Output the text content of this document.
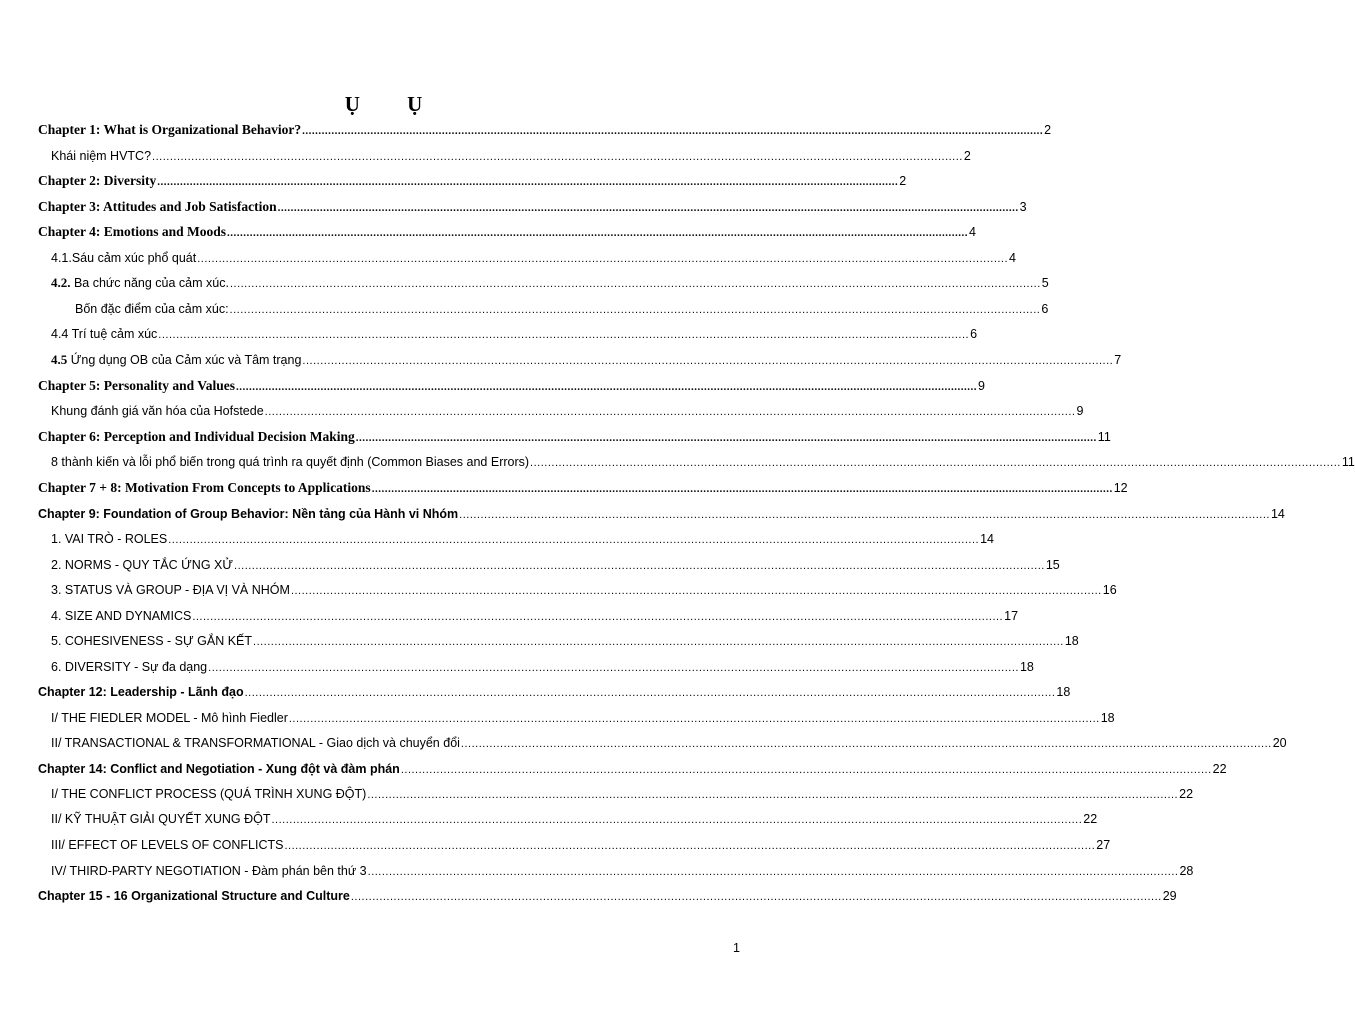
Ụ Ụ
Chapter 1: What is Organizational Behavior? .................................................................................................................................................................................................................................... 2
Khái niệm HVTC? .................................................................................................................................................................................................................................... 2
Chapter 2: Diversity .................................................................................................................................................................................................................................... 2
Chapter 3: Attitudes and Job Satisfaction .................................................................................................................................................................................................................................... 3
Chapter 4: Emotions and Moods .................................................................................................................................................................................................................................... 4
4.1.Sáu cảm xúc phổ quát .................................................................................................................................................................................................................................... 4
4.2. Ba chức năng của cảm xúc. .................................................................................................................................................................................................................................... 5
Bốn đặc điểm của cảm xúc: .................................................................................................................................................................................................................................... 6
4.4 Trí tuệ cảm xúc .................................................................................................................................................................................................................................... 6
4.5 Ứng dụng OB của Cảm xúc và Tâm trạng .................................................................................................................................................................................................................................... 7
Chapter 5: Personality and Values .................................................................................................................................................................................................................................... 9
Khung đánh giá văn hóa của Hofstede .................................................................................................................................................................................................................................... 9
Chapter 6: Perception and Individual Decision Making .................................................................................................................................................................................................................................... 11
8 thành kiến và lỗi phổ biến trong quá trình ra quyết định (Common Biases and Errors) .................................................................................................................................................................................................................................... 11
Chapter 7 + 8: Motivation From Concepts to Applications .................................................................................................................................................................................................................................... 12
Chapter 9: Foundation of Group Behavior: Nền tảng của Hành vi Nhóm .................................................................................................................................................................................................................................... 14
1. VAI TRÒ - ROLES .................................................................................................................................................................................................................................... 14
2. NORMS - QUY TẮC ỨNG XỬ .................................................................................................................................................................................................................................... 15
3. STATUS VÀ GROUP - ĐỊA VỊ VÀ NHÓM .................................................................................................................................................................................................................................... 16
4. SIZE AND DYNAMICS .................................................................................................................................................................................................................................... 17
5. COHESIVENESS - SỰ GẮN KẾT .................................................................................................................................................................................................................................... 18
6. DIVERSITY - Sự đa dạng .................................................................................................................................................................................................................................... 18
Chapter 12: Leadership - Lãnh đạo .................................................................................................................................................................................................................................... 18
I/ THE FIEDLER MODEL - Mô hình Fiedler .................................................................................................................................................................................................................................... 18
II/ TRANSACTIONAL & TRANSFORMATIONAL - Giao dịch và chuyển đổi .................................................................................................................................................................................................................................... 20
Chapter 14: Conflict and Negotiation - Xung đột và đàm phán .................................................................................................................................................................................................................................... 22
I/ THE CONFLICT PROCESS (QUÁ TRÌNH XUNG ĐỘT) .................................................................................................................................................................................................................................... 22
II/ KỸ THUẬT GIẢI QUYẾT XUNG ĐỘT .................................................................................................................................................................................................................................... 22
III/ EFFECT OF LEVELS OF CONFLICTS .................................................................................................................................................................................................................................... 27
IV/ THIRD-PARTY NEGOTIATION - Đàm phán bên thứ 3 .................................................................................................................................................................................................................................... 28
Chapter 15 - 16 Organizational Structure and Culture .................................................................................................................................................................................................................................... 29
1
